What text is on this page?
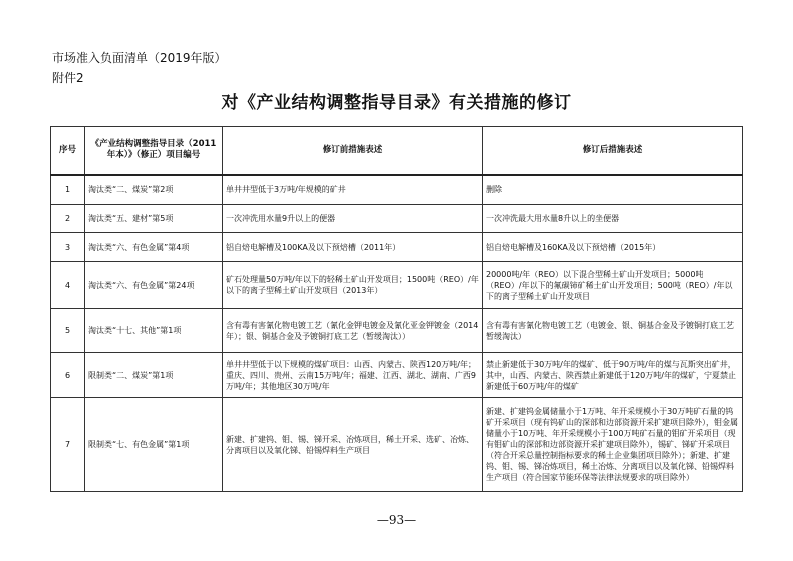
市场准入负面清单（2019年版）
附件2
对《产业结构调整指导目录》有关措施的修订
序号	《产业结构调整指导目录（2011年本）》（修正）项目编号	修订前措施表述	修订后措施表述
1	淘汰类“二、煤炭”第2项	单井井型低于3万吨/年规模的矿井	删除
2	淘汰类“五、建材”第5项	一次冲洗用水量9升以上的便器	一次冲洗最大用水量8升以上的坐便器
3	淘汰类“六、有色金属”第4项	铝自焙电解槽及100KA及以下预焙槽（2011年）	铝自焙电解槽及160KA及以下预焙槽（2015年）
4	淘汰类“六、有色金属”第24项	矿石处理量50万吨/年以下的轻稀土矿山开发项目；1500吨（REO）/年以下的离子型稀土矿山开发项目（2013年）	20000吨/年（REO）以下混合型稀土矿山开发项目；5000吨（REO）/年以下的氟碳铈矿稀土矿山开发项目；500吨（REO）/年以下的离子型稀土矿山开发项目
5	淘汰类“十七、其他”第1项	含有毒有害氰化物电镀工艺（氰化金钾电镀金及氰化亚金钾镀金（2014年）；银、铜基合金及予镀铜打底工艺（暂缓淘汰））	含有毒有害氰化物电镀工艺（电镀金、银、铜基合金及予镀铜打底工艺暂缓淘汰）
6	限制类“二、煤炭”第1项	单井井型低于以下规模的煤矿项目：山西、内蒙古、陕西120万吨/年；重庆、四川、贵州、云南15万吨/年；福建、江西、湖北、湖南、广西9万吨/年；其他地区30万吨/年	禁止新建低于30万吨/年的煤矿、低于90万吨/年的煤与瓦斯突出矿井，其中，山西、内蒙古、陕西禁止新建低于120万吨/年的煤矿，宁夏禁止新建低于60万吨/年的煤矿
7	限制类“七、有色金属”第1项	新建、扩建钨、钼、锡、锑开采、冶炼项目，稀土开采、选矿、冶炼、分离项目以及氧化锑、铅锡焊料生产项目	新建、扩建钨金属储量小于1万吨、年开采规模小于30万吨矿石量的钨矿开采项目（现有钨矿山的深部和边部资源开采扩建项目除外），钼金属储量小于10万吨、年开采规模小于100万吨矿石量的钼矿开采项目（现有钼矿山的深部和边部资源开采扩建项目除外），锡矿、锑矿开采项目（符合开采总量控制指标要求的稀土企业集团项目除外）；新建、扩建钨、钼、锡、锑冶炼项目，稀土冶炼、分离项目以及氧化锑、铅锡焊料生产项目（符合国家节能环保等法律法规要求的项目除外）
—93—
